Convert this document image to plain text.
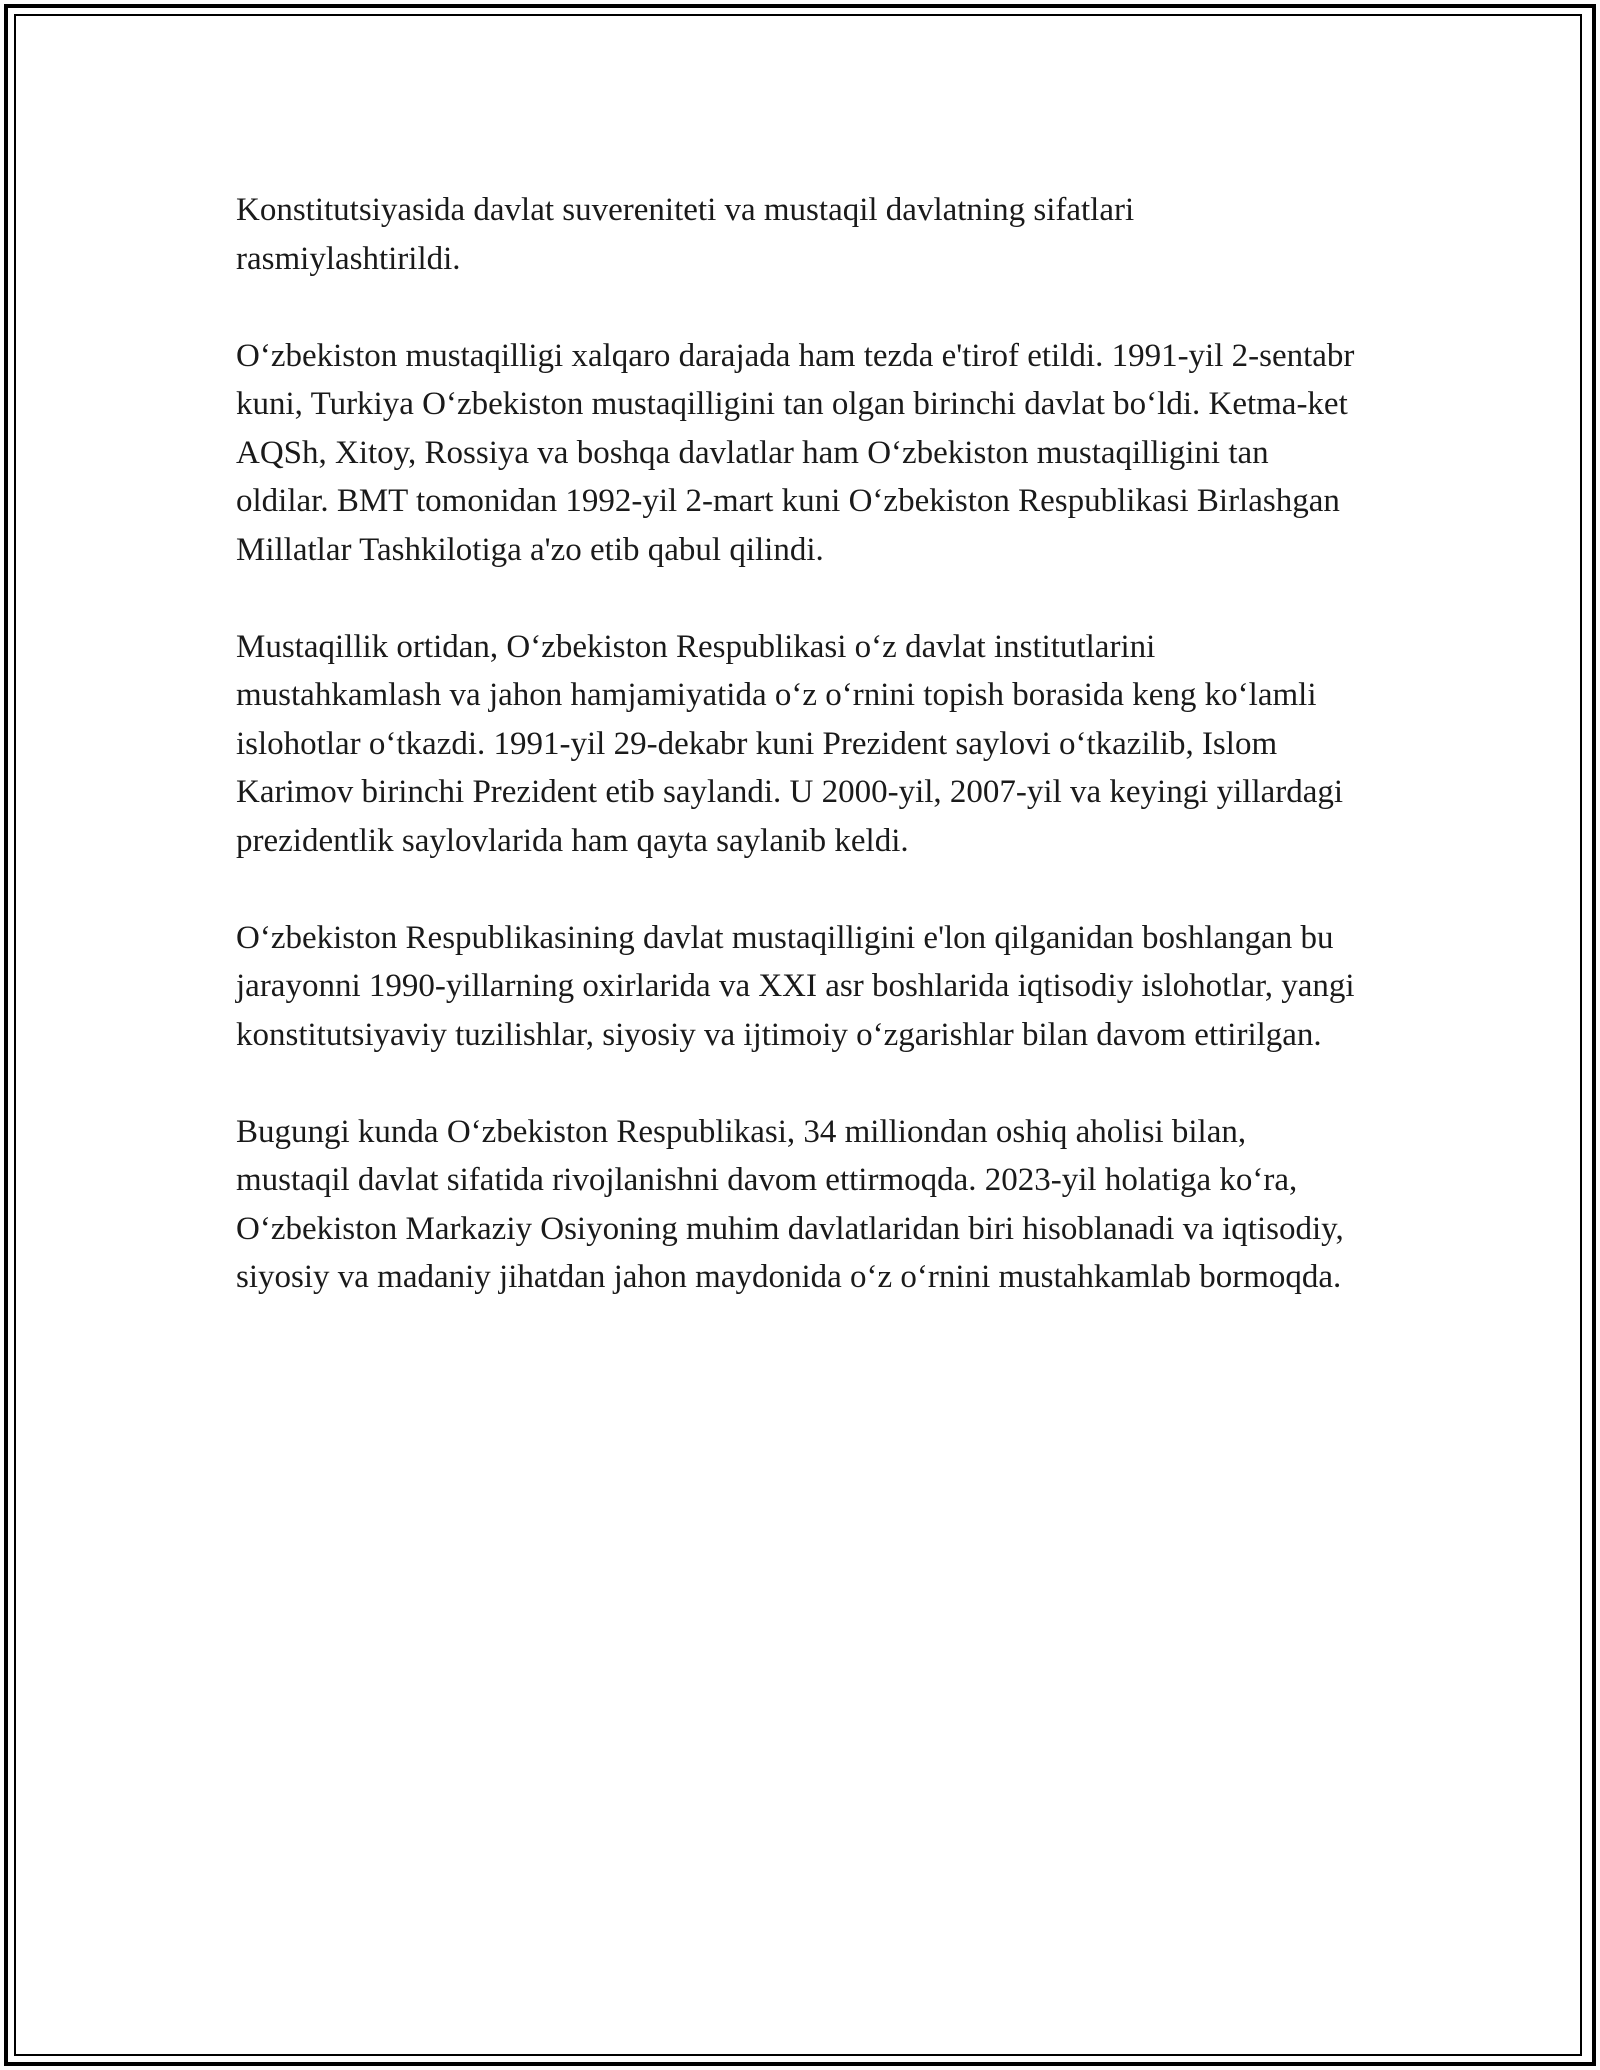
Konstitutsiyasida davlat suvereniteti va mustaqil davlatning sifatlari rasmiylashtirildi.

O‘zbekiston mustaqilligi xalqaro darajada ham tezda e'tirof etildi. 1991-yil 2-sentabr kuni, Turkiya O‘zbekiston mustaqilligini tan olgan birinchi davlat bo‘ldi. Ketma-ket AQSh, Xitoy, Rossiya va boshqa davlatlar ham O‘zbekiston mustaqilligini tan oldilar. BMT tomonidan 1992-yil 2-mart kuni O‘zbekiston Respublikasi Birlashgan Millatlar Tashkilotiga a'zo etib qabul qilindi.

Mustaqillik ortidan, O‘zbekiston Respublikasi o‘z davlat institutlarini mustahkamlash va jahon hamjamiyatida o‘z o‘rnini topish borasida keng ko‘lamli islohotlar o‘tkazdi. 1991-yil 29-dekabr kuni Prezident saylovi o‘tkazilib, Islom Karimov birinchi Prezident etib saylandi. U 2000-yil, 2007-yil va keyingi yillardagi prezidentlik saylovlarida ham qayta saylanib keldi.

O‘zbekiston Respublikasining davlat mustaqilligini e'lon qilganidan boshlangan bu jarayonni 1990-yillarning oxirlarida va XXI asr boshlarida iqtisodiy islohotlar, yangi konstitutsiyaviy tuzilishlar, siyosiy va ijtimoiy o‘zgarishlar bilan davom ettirilgan.

Bugungi kunda O‘zbekiston Respublikasi, 34 milliondan oshiq aholisi bilan, mustaqil davlat sifatida rivojlanishni davom ettirmoqda. 2023-yil holatiga ko‘ra, O‘zbekiston Markaziy Osiyoning muhim davlatlaridan biri hisoblanadi va iqtisodiy, siyosiy va madaniy jihatdan jahon maydonida o‘z o‘rnini mustahkamlab bormoqda.
